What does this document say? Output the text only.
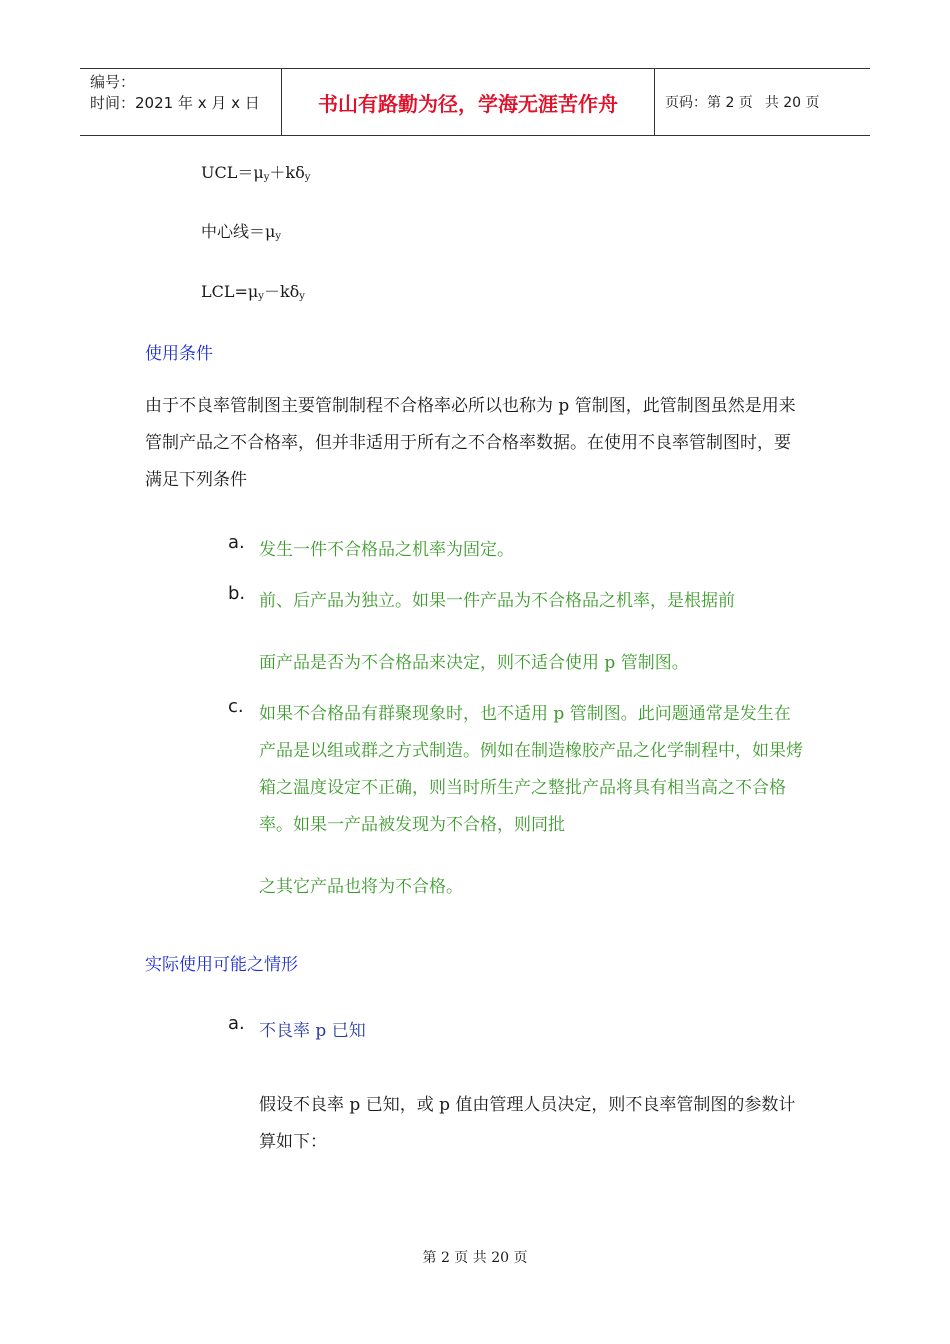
编号：
时间：2021 年 x 月 x 日	书山有路勤为径，学海无涯苦作舟	页码：第 2 页 共 20 页
$UCL=\mu_y+k\delta_y$
中心线$=\mu_y$
$LCL=\mu_y-k\delta_y$
使用条件
由于不良率管制图主要管制制程不合格率必所以也称为 p 管制图，此管制图虽然是用来管制产品之不合格率，但并非适用于所有之不合格率数据。在使用不良率管制图时，要满足下列条件
a. 发生一件不合格品之机率为固定。
b. 前、后产品为独立。如果一件产品为不合格品之机率，是根据前
面产品是否为不合格品来决定，则不适合使用 p 管制图。
c. 如果不合格品有群聚现象时，也不适用 p 管制图。此问题通常是发生在产品是以组或群之方式制造。例如在制造橡胶产品之化学制程中，如果烤箱之温度设定不正确，则当时所生产之整批产品将具有相当高之不合格率。如果一产品被发现为不合格，则同批
之其它产品也将为不合格。
实际使用可能之情形
a. 不良率 p 已知
假设不良率 p 已知，或 p 值由管理人员决定，则不良率管制图的参数计算如下：
第 2 页 共 20 页
